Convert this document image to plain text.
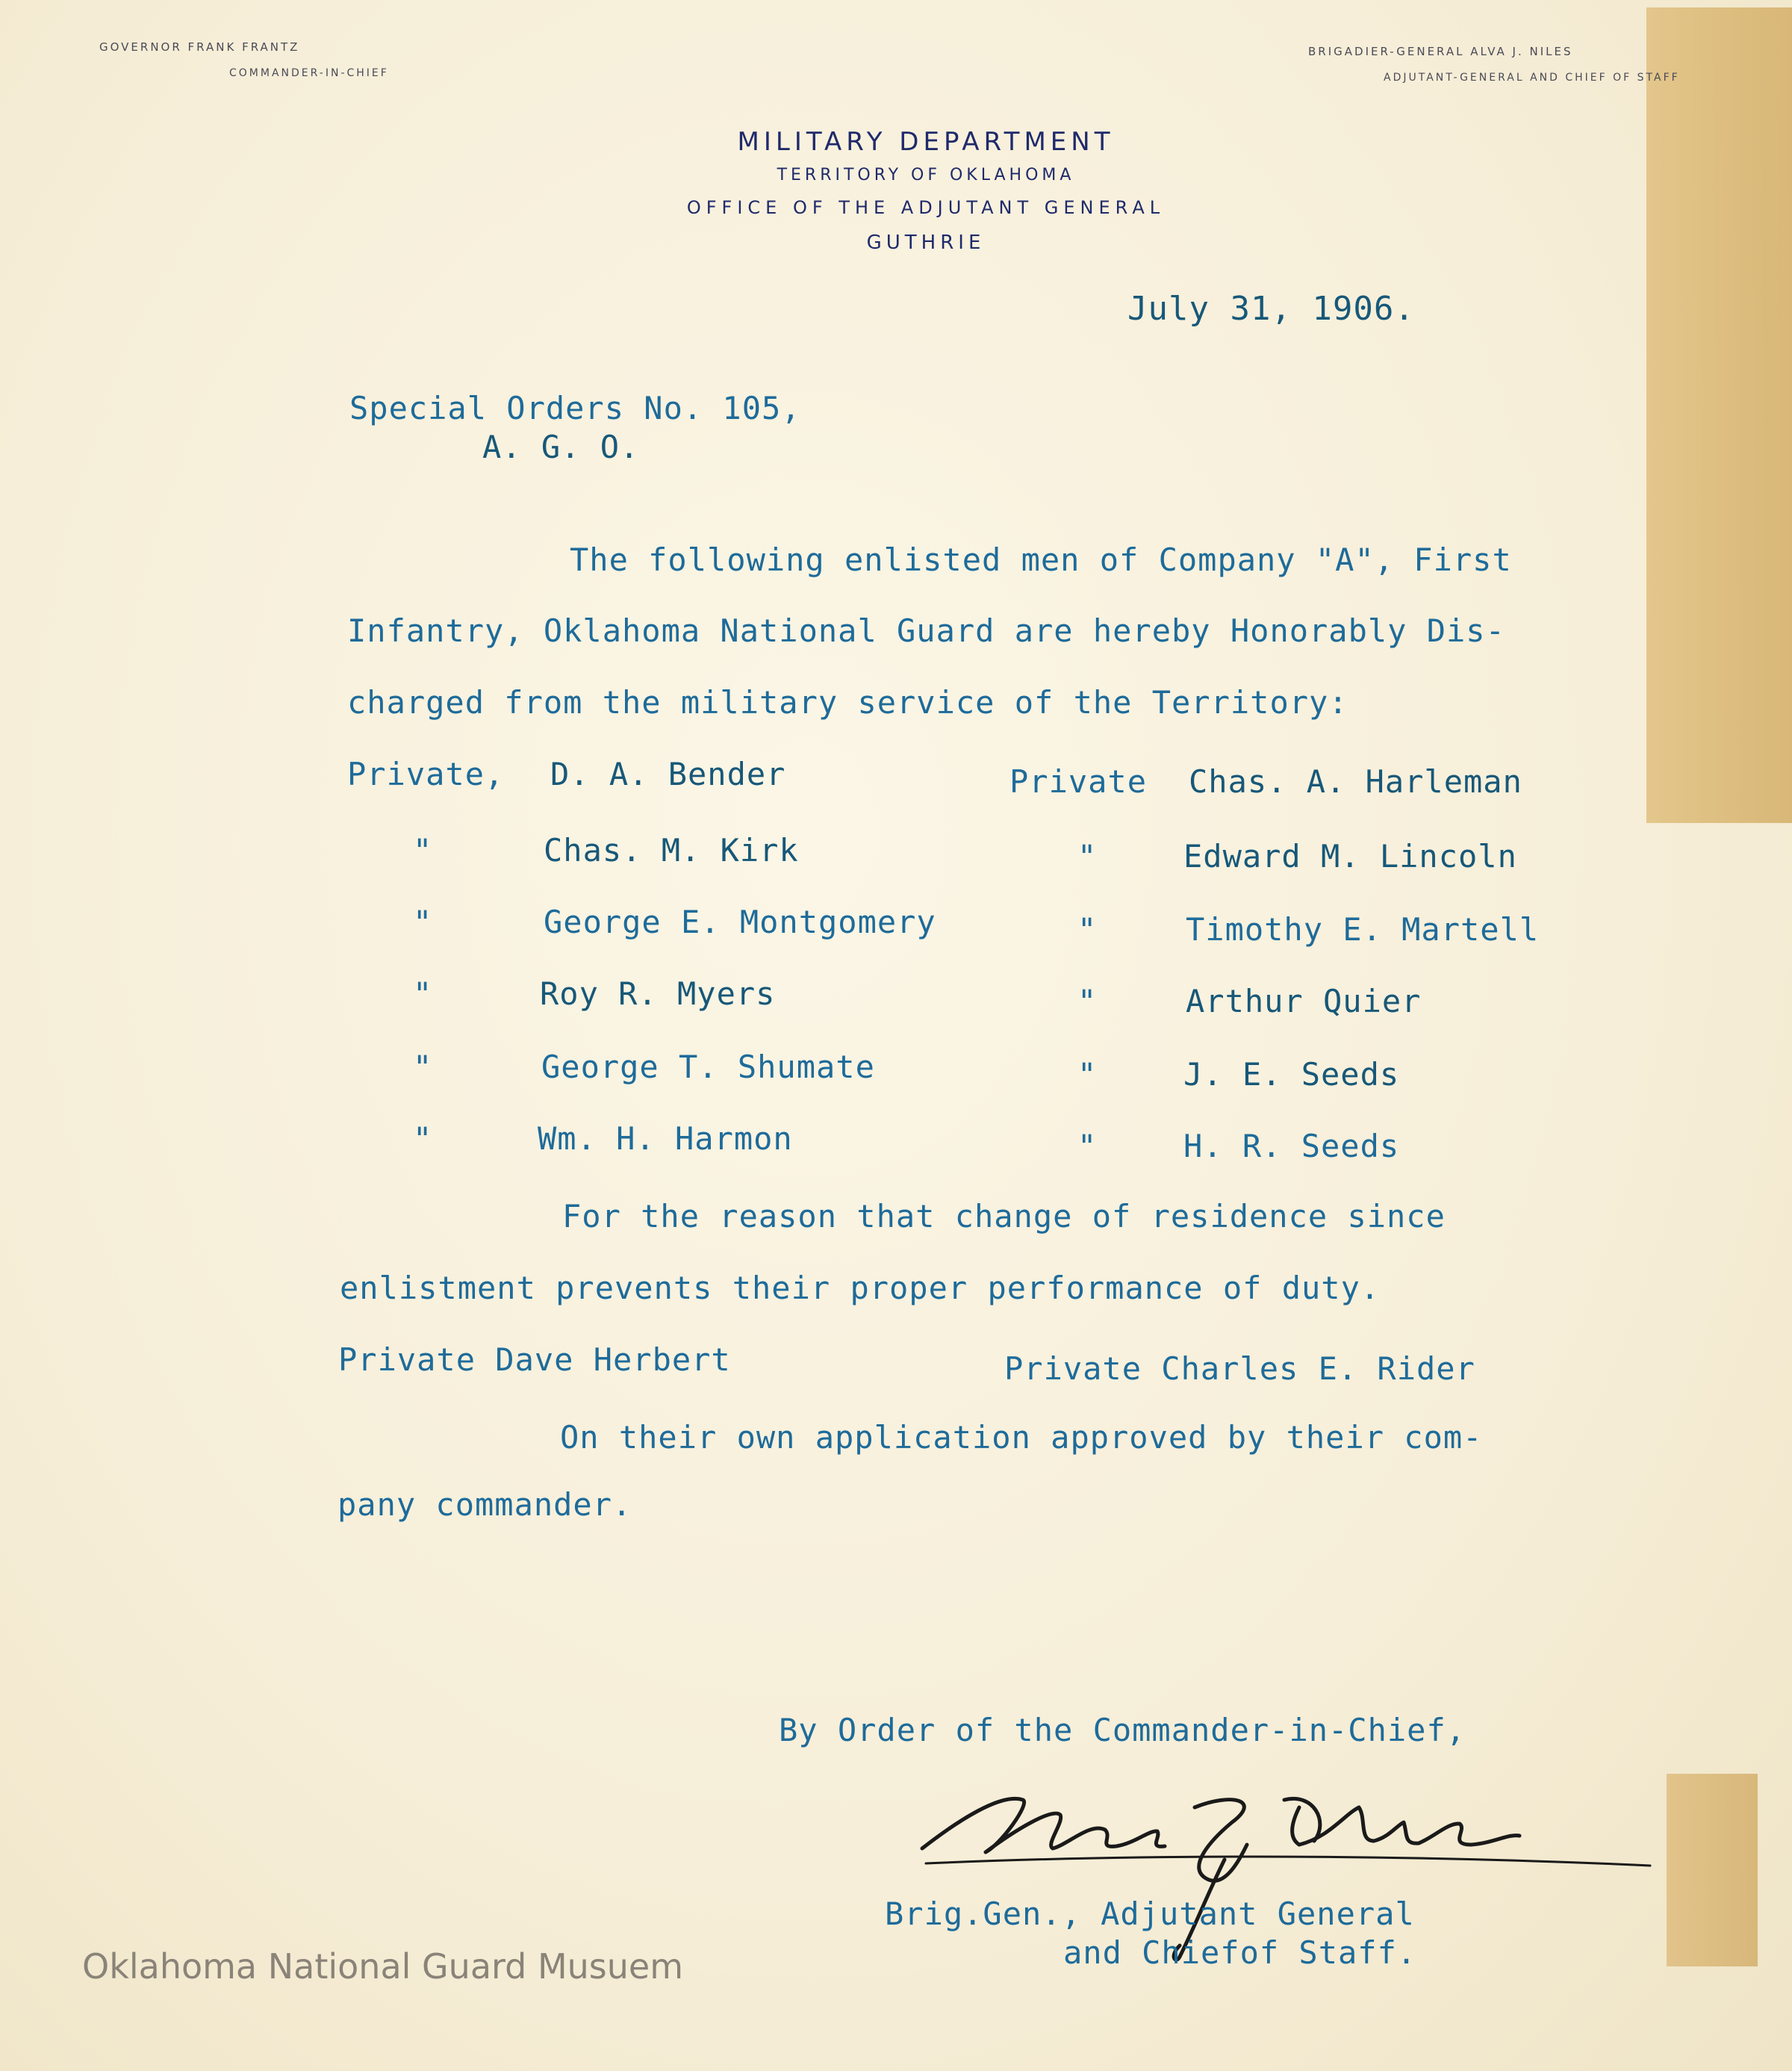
GOVERNOR FRANK FRANTZ
COMMANDER-IN-CHIEF
BRIGADIER-GENERAL ALVA J. NILES
ADJUTANT-GENERAL AND CHIEF OF STAFF
MILITARY DEPARTMENT
TERRITORY OF OKLAHOMA
OFFICE OF THE ADJUTANT GENERAL
GUTHRIE
July 31, 1906.
Special Orders No. 105,
A. G. O.
The following enlisted men of Company "A", First
Infantry, Oklahoma National Guard are hereby Honorably Dis-
charged from the military service of the Territory:
Private, D. A. Bender	Private Chas. A. Harleman
"	Chas. M. Kirk	"	Edward M. Lincoln
"	George E. Montgomery	"	Timothy E. Martell
"	Roy R. Myers	"	Arthur Quier
"	George T. Shumate	"	J. E. Seeds
"	Wm. H. Harmon	"	H. R. Seeds
For the reason that change of residence since
enlistment prevents their proper performance of duty.
Private Dave Herbert	Private Charles E. Rider
On their own application approved by their com-
pany commander.
By Order of the Commander-in-Chief,
Brig.Gen., Adjutant General
and Chiefof Staff.
Oklahoma National Guard Musuem
